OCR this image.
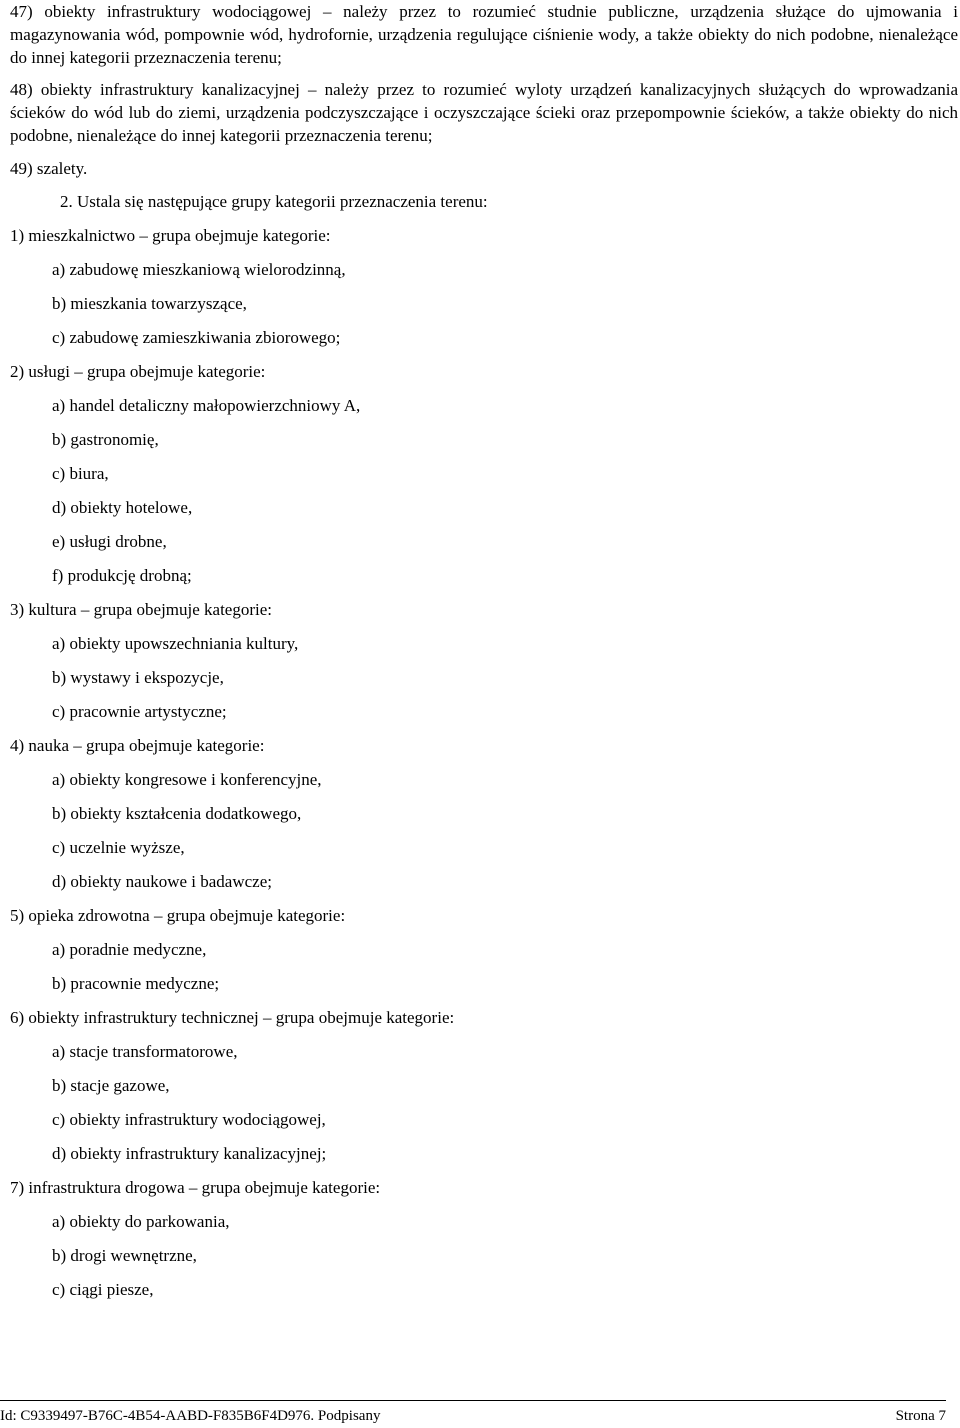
47) obiekty infrastruktury wodociągowej – należy przez to rozumieć studnie publiczne, urządzenia służące do ujmowania i magazynowania wód, pompownie wód, hydrofornie, urządzenia regulujące ciśnienie wody, a także obiekty do nich podobne, nienależące do innej kategorii przeznaczenia terenu;

48) obiekty infrastruktury kanalizacyjnej – należy przez to rozumieć wyloty urządzeń kanalizacyjnych służących do wprowadzania ścieków do wód lub do ziemi, urządzenia podczyszczające i oczyszczające ścieki oraz przepompownie ścieków, a także obiekty do nich podobne, nienależące do innej kategorii przeznaczenia terenu;

49) szalety.

2. Ustala się następujące grupy kategorii przeznaczenia terenu:

1) mieszkalnictwo – grupa obejmuje kategorie:
a) zabudowę mieszkaniową wielorodzinną,
b) mieszkania towarzyszące,
c) zabudowę zamieszkiwania zbiorowego;
2) usługi – grupa obejmuje kategorie:
a) handel detaliczny małopowierzchniowy A,
b) gastronomię,
c) biura,
d) obiekty hotelowe,
e) usługi drobne,
f) produkcję drobną;
3) kultura – grupa obejmuje kategorie:
a) obiekty upowszechniania kultury,
b) wystawy i ekspozycje,
c) pracownie artystyczne;
4) nauka – grupa obejmuje kategorie:
a) obiekty kongresowe i konferencyjne,
b) obiekty kształcenia dodatkowego,
c) uczelnie wyższe,
d) obiekty naukowe i badawcze;
5) opieka zdrowotna – grupa obejmuje kategorie:
a) poradnie medyczne,
b) pracownie medyczne;
6) obiekty infrastruktury technicznej – grupa obejmuje kategorie:
a) stacje transformatorowe,
b) stacje gazowe,
c) obiekty infrastruktury wodociągowej,
d) obiekty infrastruktury kanalizacyjnej;
7) infrastruktura drogowa – grupa obejmuje kategorie:
a) obiekty do parkowania,
b) drogi wewnętrzne,
c) ciągi piesze,
Id: C9339497-B76C-4B54-AABD-F835B6F4D976. Podpisany	Strona 7
